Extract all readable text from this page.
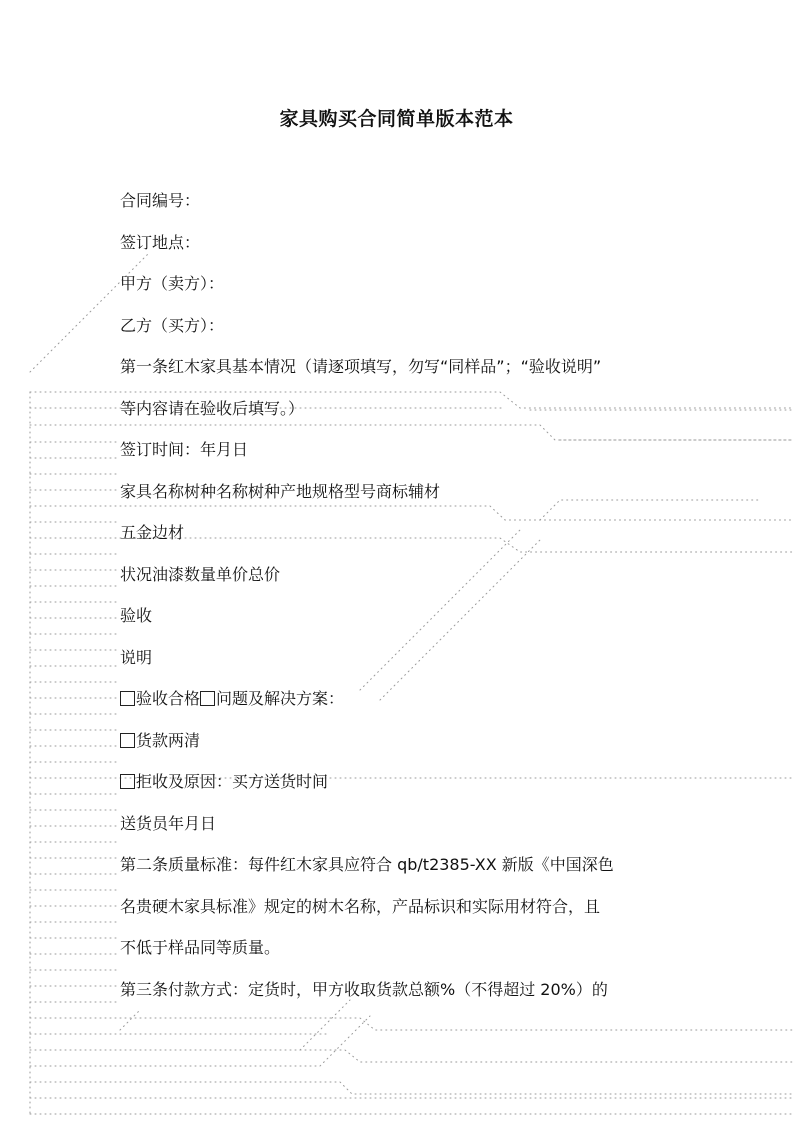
家具购买合同简单版本范本
合同编号：
签订地点：
甲方（卖方）：
乙方（买方）：
第一条红木家具基本情况（请逐项填写，勿写“同样品”；“验收说明”
等内容请在验收后填写。）
签订时间：年月日
家具名称树种名称树种产地规格型号商标辅材
五金边材
状况油漆数量单价总价
验收
说明
验收合格 问题及解决方案：
货款两清
拒收及原因：买方送货时间
送货员年月日
第二条质量标准：每件红木家具应符合 qb/t2385-XX 新版《中国深色
名贵硬木家具标准》规定的树木名称，产品标识和实际用材符合，且
不低于样品同等质量。
第三条付款方式：定货时，甲方收取货款总额%（不得超过 20%）的
